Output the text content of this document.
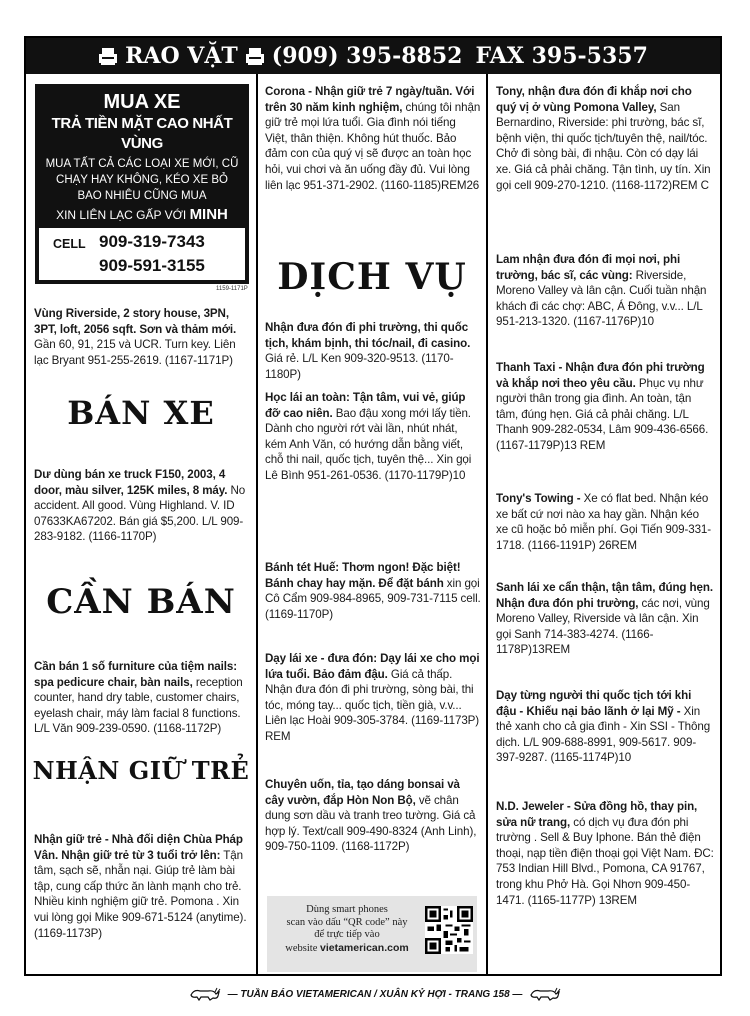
RAO VẶT (909) 395-8852 FAX 395-5357
MUA XE
TRẢ TIỀN MẶT CAO NHẤT VÙNG
MUA TẤT CẢ CÁC LOẠI XE MỚI, CŨ
CHẠY HAY KHÔNG, KÉO XE BỎ
BAO NHIÊU CŨNG MUA
XIN LIÊN LẠC GẤP VỚI MINH
CELL 909-319-7343
909-591-3155
1159-1171P
Vùng Riverside, 2 story house, 3PN, 3PT, loft, 2056 sqft. Sơn và thảm mới. Gần 60, 91, 215 và UCR. Turn key. Liên lạc Bryant 951-255-2619. (1167-1171P)
BÁN XE
Dư dùng bán xe truck F150, 2003, 4 door, màu silver, 125K miles, 8 máy. No accident. All good. Vùng Highland. V. ID 07633KA67202. Bán giá $5,200. L/L 909-283-9182. (1166-1170P)
CẦN BÁN
Cần bán 1 số furniture của tiệm nails: spa pedicure chair, bàn nails, reception counter, hand dry table, customer chairs, eyelash chair, máy làm facial 8 functions. L/L Văn 909-239-0590. (1168-1172P)
NHẬN GIỮ TRẺ
Nhận giữ trẻ - Nhà đối diện Chùa Pháp Vân. Nhận giữ trẻ từ 3 tuổi trở lên: Tận tâm, sạch sẽ, nhẫn nại. Giúp trẻ làm bài tập, cung cấp thức ăn lành mạnh cho trẻ. Nhiều kinh nghiệm giữ trẻ. Pomona . Xin vui lòng gọi Mike 909-671-5124 (anytime). (1169-1173P)
Corona - Nhận giữ trẻ 7 ngày/tuần. Với trên 30 năm kinh nghiệm, chúng tôi nhận giữ trẻ mọi lứa tuổi. Gia đình nói tiếng Việt, thân thiện. Không hút thuốc. Bảo đảm con của quý vị sẽ được an toàn học hỏi, vui chơi và ăn uống đầy đủ. Vui lòng liên lạc 951-371-2902. (1160-1185)REM26
DỊCH VỤ
Nhận đưa đón đi phi trường, thi quốc tịch, khám bịnh, thi tóc/nail, đi casino. Giá rẻ. L/L Ken 909-320-9513. (1170-1180P)
Học lái an toàn: Tận tâm, vui vẻ, giúp đỡ cao niên. Bao đậu xong mới lấy tiền. Dành cho người rớt vài lần, nhút nhát, kém Anh Văn, có hướng dẫn bằng viết, chỗ thi nail, quốc tịch, tuyên thệ... Xin gọi Lê Bình 951-261-0536. (1170-1179P)10
Bánh tét Huế: Thơm ngon! Đặc biệt! Bánh chay hay mặn. Để đặt bánh xin gọi Cô Cẩm 909-984-8965, 909-731-7115 cell. (1169-1170P)
Dạy lái xe - đưa đón: Dạy lái xe cho mọi lứa tuổi. Bảo đảm đậu. Giá cả thấp. Nhận đưa đón đi phi trường, sòng bài, thi tóc, móng tay... quốc tịch, tiền già, v.v... Liên lạc Hoài 909-305-3784. (1169-1173P) REM
Chuyên uốn, tỉa, tạo dáng bonsai và cây vườn, đắp Hòn Non Bộ, vẽ chân dung sơn dầu và tranh treo tường. Giá cả hợp lý. Text/call 909-490-8324 (Anh Linh), 909-750-1109. (1168-1172P)
Dùng smart phones
scan vào dấu “QR code” này
để trực tiếp vào
website vietamerican.com
Tony, nhận đưa đón đi khắp nơi cho quý vị ở vùng Pomona Valley, San Bernardino, Riverside: phi trường, bác sĩ, bệnh viện, thi quốc tịch/tuyên thệ, nail/tóc. Chở đi sòng bài, đi nhậu. Còn có dạy lái xe. Giá cả phải chăng. Tận tình, uy tín. Xin gọi cell 909-270-1210. (1168-1172)REM C
Lam nhận đưa đón đi mọi nơi, phi trường, bác sĩ, các vùng: Riverside, Moreno Valley và lân cận. Cuối tuần nhận khách đi các chợ: ABC, Á Đông, v.v... L/L 951-213-1320. (1167-1176P)10
Thanh Taxi - Nhận đưa đón phi trường và khắp nơi theo yêu cầu. Phục vụ như người thân trong gia đình. An toàn, tận tâm, đúng hẹn. Giá cả phải chăng. L/L Thanh 909-282-0534, Lâm 909-436-6566. (1167-1179P)13 REM
Tony's Towing - Xe có flat bed. Nhận kéo xe bất cứ nơi nào xa hay gần. Nhận kéo xe cũ hoặc bỏ miễn phí. Gọi Tiến 909-331-1718. (1166-1191P) 26REM
Sanh lái xe cẩn thận, tận tâm, đúng hẹn. Nhận đưa đón phi trường, các nơi, vùng Moreno Valley, Riverside và lân cận. Xin gọi Sanh 714-383-4274. (1166-1178P)13REM
Dạy từng người thi quốc tịch tới khi đậu - Khiếu nại bảo lãnh ở lại Mỹ - Xin thẻ xanh cho cả gia đình - Xin SSI - Thông dịch. L/L 909-688-8991, 909-5617. 909-397-9287. (1165-1174P)10
N.D. Jeweler - Sửa đồng hồ, thay pin, sửa nữ trang, có dịch vụ đưa đón phi trường . Sell & Buy Iphone. Bán thẻ điện thoại, nạp tiền điện thoại gọi Việt Nam. ĐC: 753 Indian Hill Blvd., Pomona, CA 91767, trong khu Phở Hà. Gọi Nhơn 909-450-1471. (1165-1177P) 13REM
— TUẦN BÁO VIETAMERICAN / XUÂN KỶ HỢI - TRANG 158 —
